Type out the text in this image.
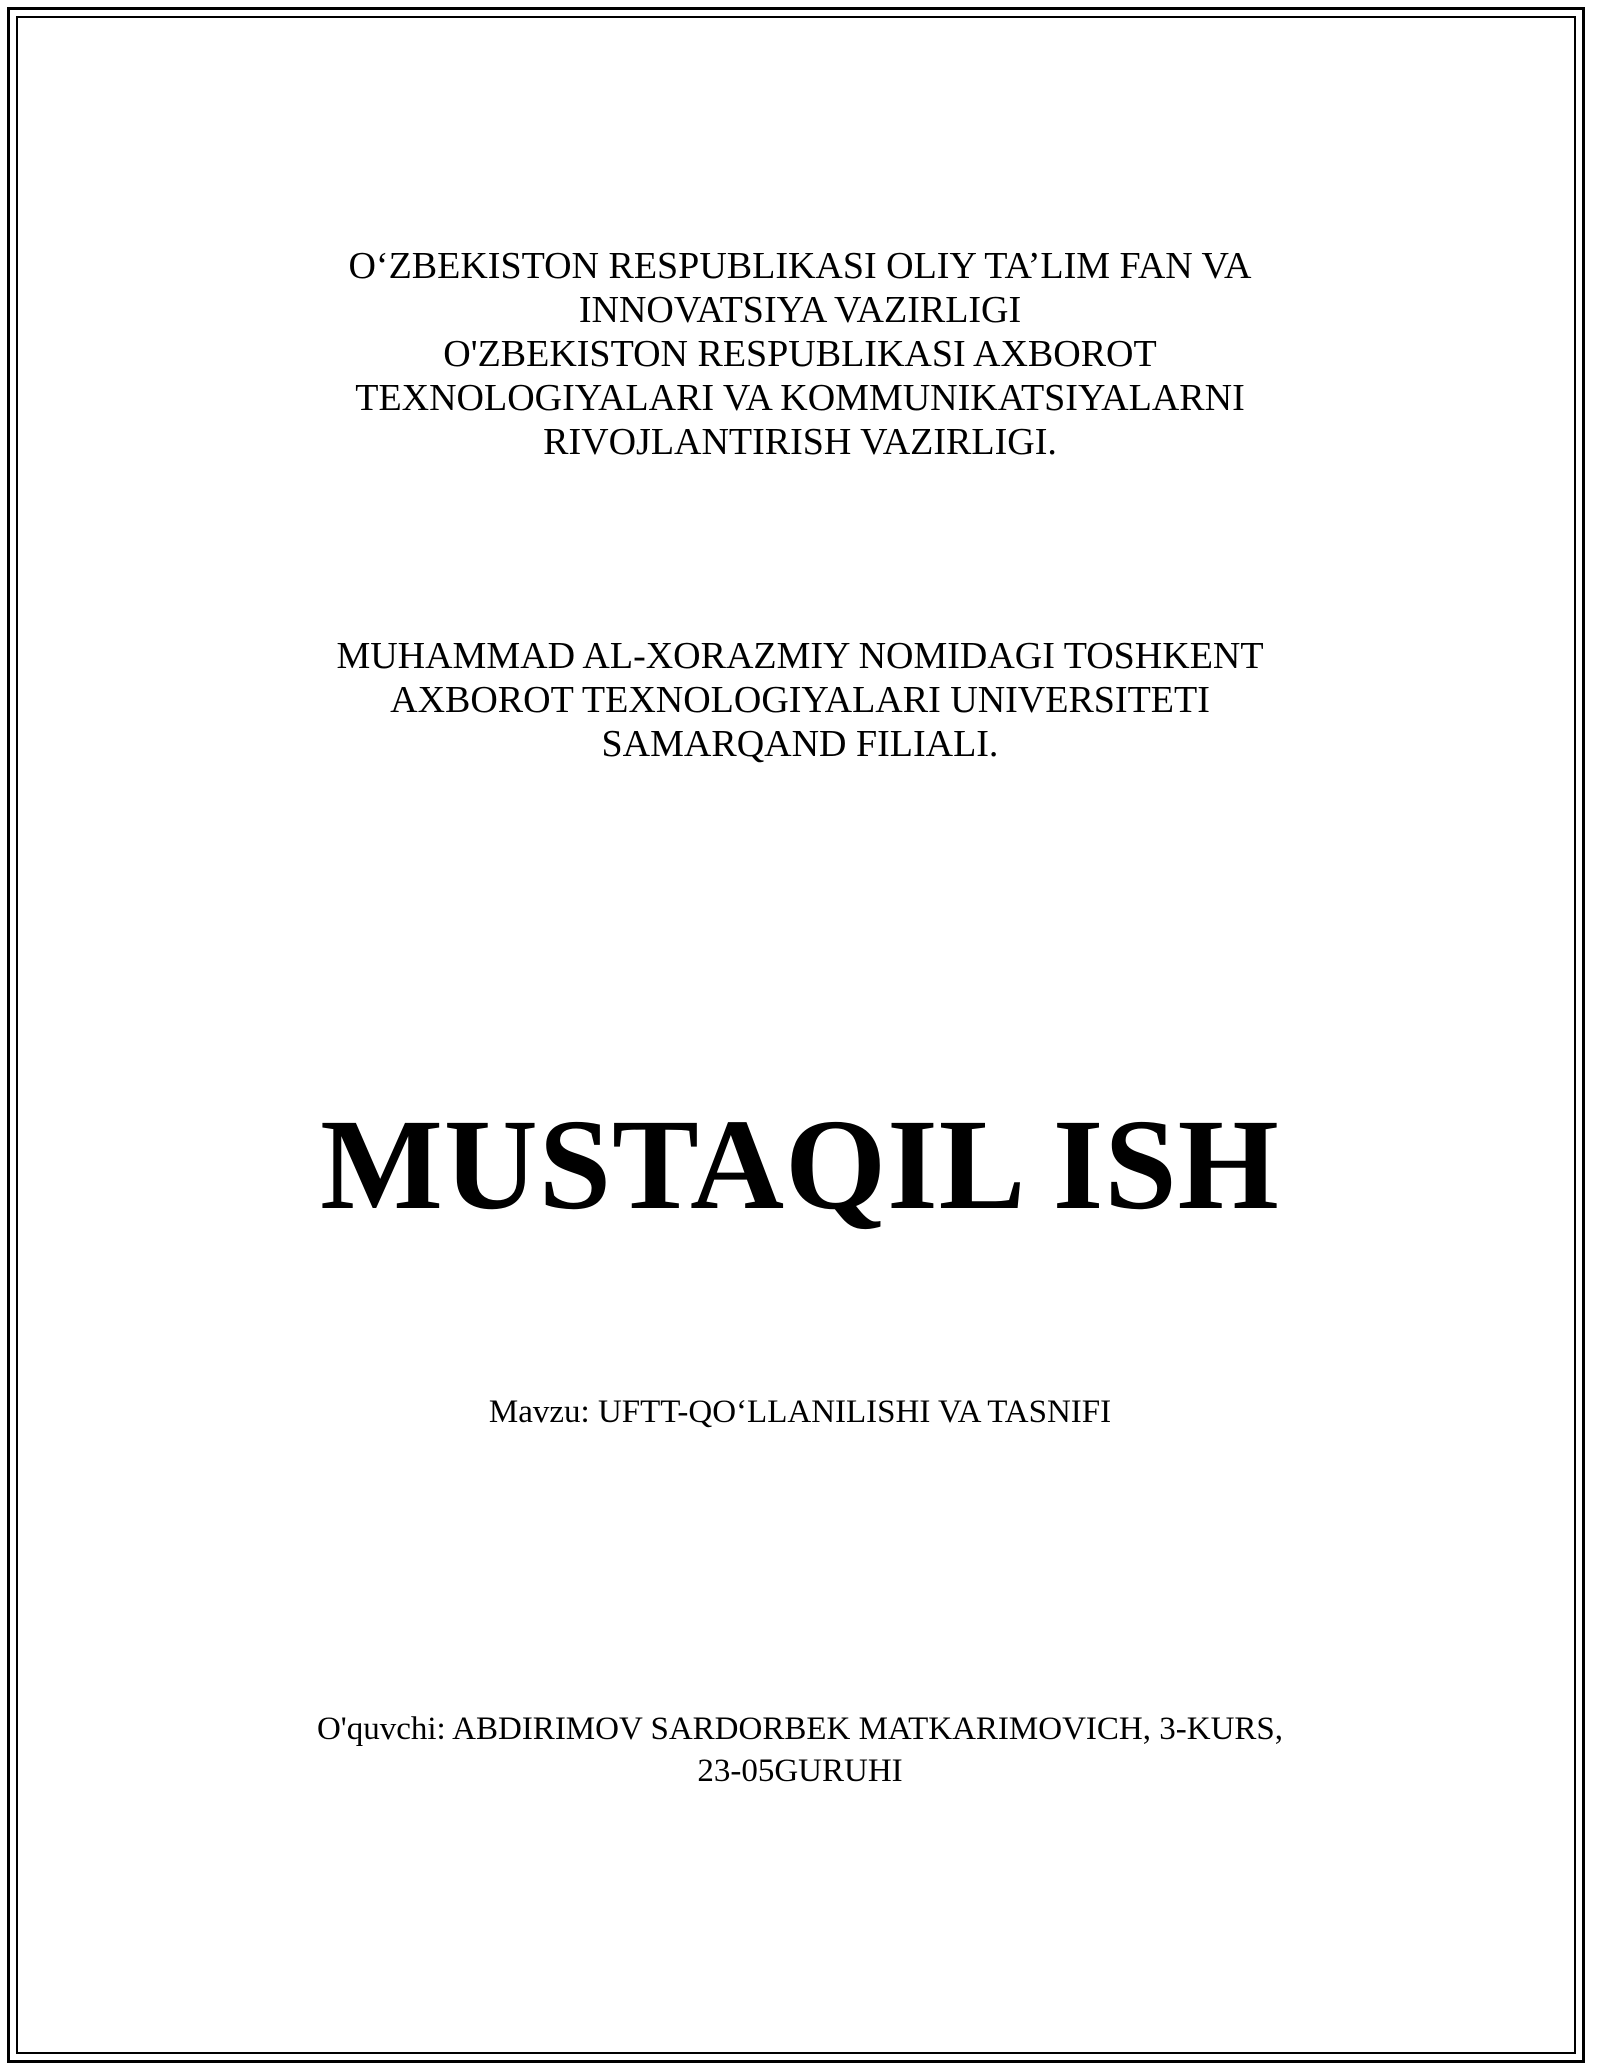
O‘ZBEKISTON RESPUBLIKASI OLIY TA’LIM FAN VA
INNOVATSIYA VAZIRLIGI
O'ZBEKISTON RESPUBLIKASI AXBOROT
TEXNOLOGIYALARI VA KOMMUNIKATSIYALARNI
RIVOJLANTIRISH VAZIRLIGI.
MUHAMMAD AL-XORAZMIY NOMIDAGI TOSHKENT
AXBOROT TEXNOLOGIYALARI UNIVERSITETI
SAMARQAND FILIALI.
MUSTAQIL ISH
Mavzu: UFTT-QO‘LLANILISHI VA TASNIFI
O'quvchi: ABDIRIMOV SARDORBEK MATKARIMOVICH, 3-KURS,
23-05GURUHI
